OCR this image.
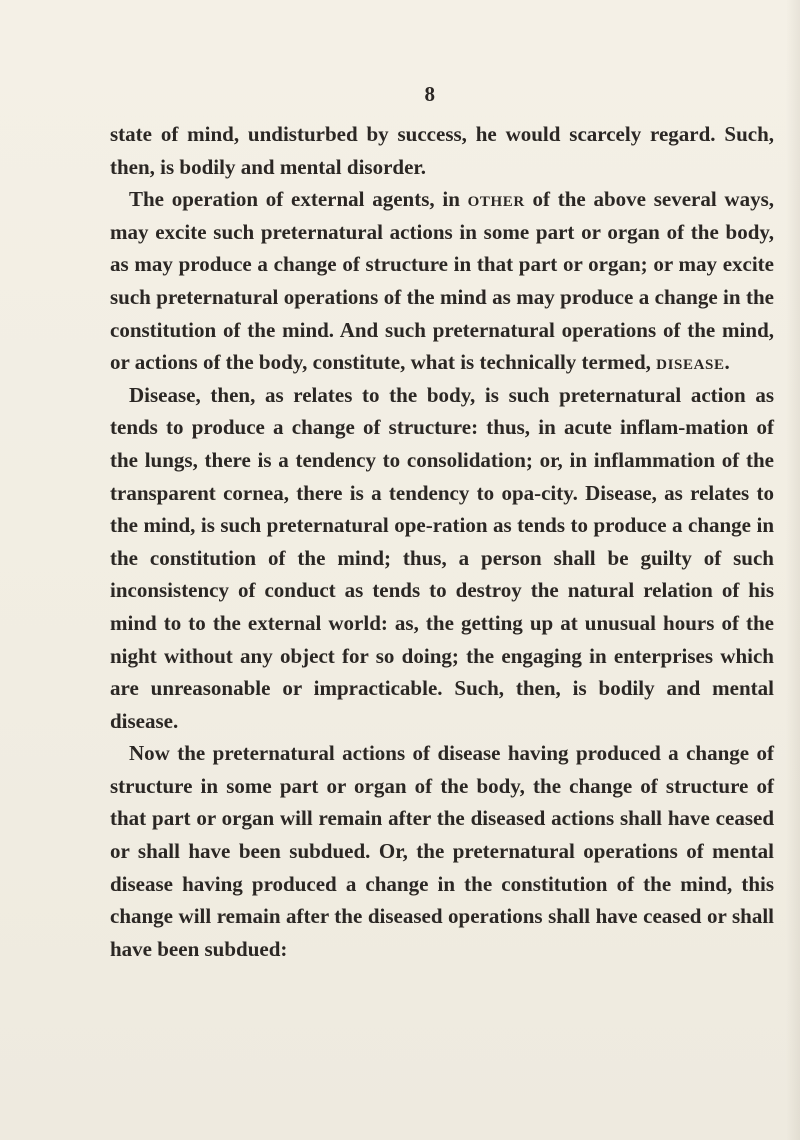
8

state of mind, undisturbed by success, he would scarcely regard. Such, then, is bodily and mental disorder.

The operation of external agents, in other of the above several ways, may excite such preternatural actions in some part or organ of the body, as may produce a change of structure in that part or organ; or may excite such preternatural operations of the mind as may produce a change in the constitution of the mind. And such preternatural operations of the mind, or actions of the body, constitute, what is technically termed, disease.

Disease, then, as relates to the body, is such preternatural action as tends to produce a change of structure: thus, in acute inflam-mation of the lungs, there is a tendency to consolidation; or, in inflammation of the transparent cornea, there is a tendency to opa-city. Disease, as relates to the mind, is such preternatural ope-ration as tends to produce a change in the constitution of the mind; thus, a person shall be guilty of such inconsistency of conduct as tends to destroy the natural relation of his mind to to the external world: as, the getting up at unusual hours of the night without any object for so doing; the engaging in enterprises which are unreasonable or impracticable. Such, then, is bodily and mental disease.

Now the preternatural actions of disease having produced a change of structure in some part or organ of the body, the change of structure of that part or organ will remain after the diseased actions shall have ceased or shall have been subdued. Or, the preternatural operations of mental disease having produced a change in the constitution of the mind, this change will remain after the diseased operations shall have ceased or shall have been subdued:
